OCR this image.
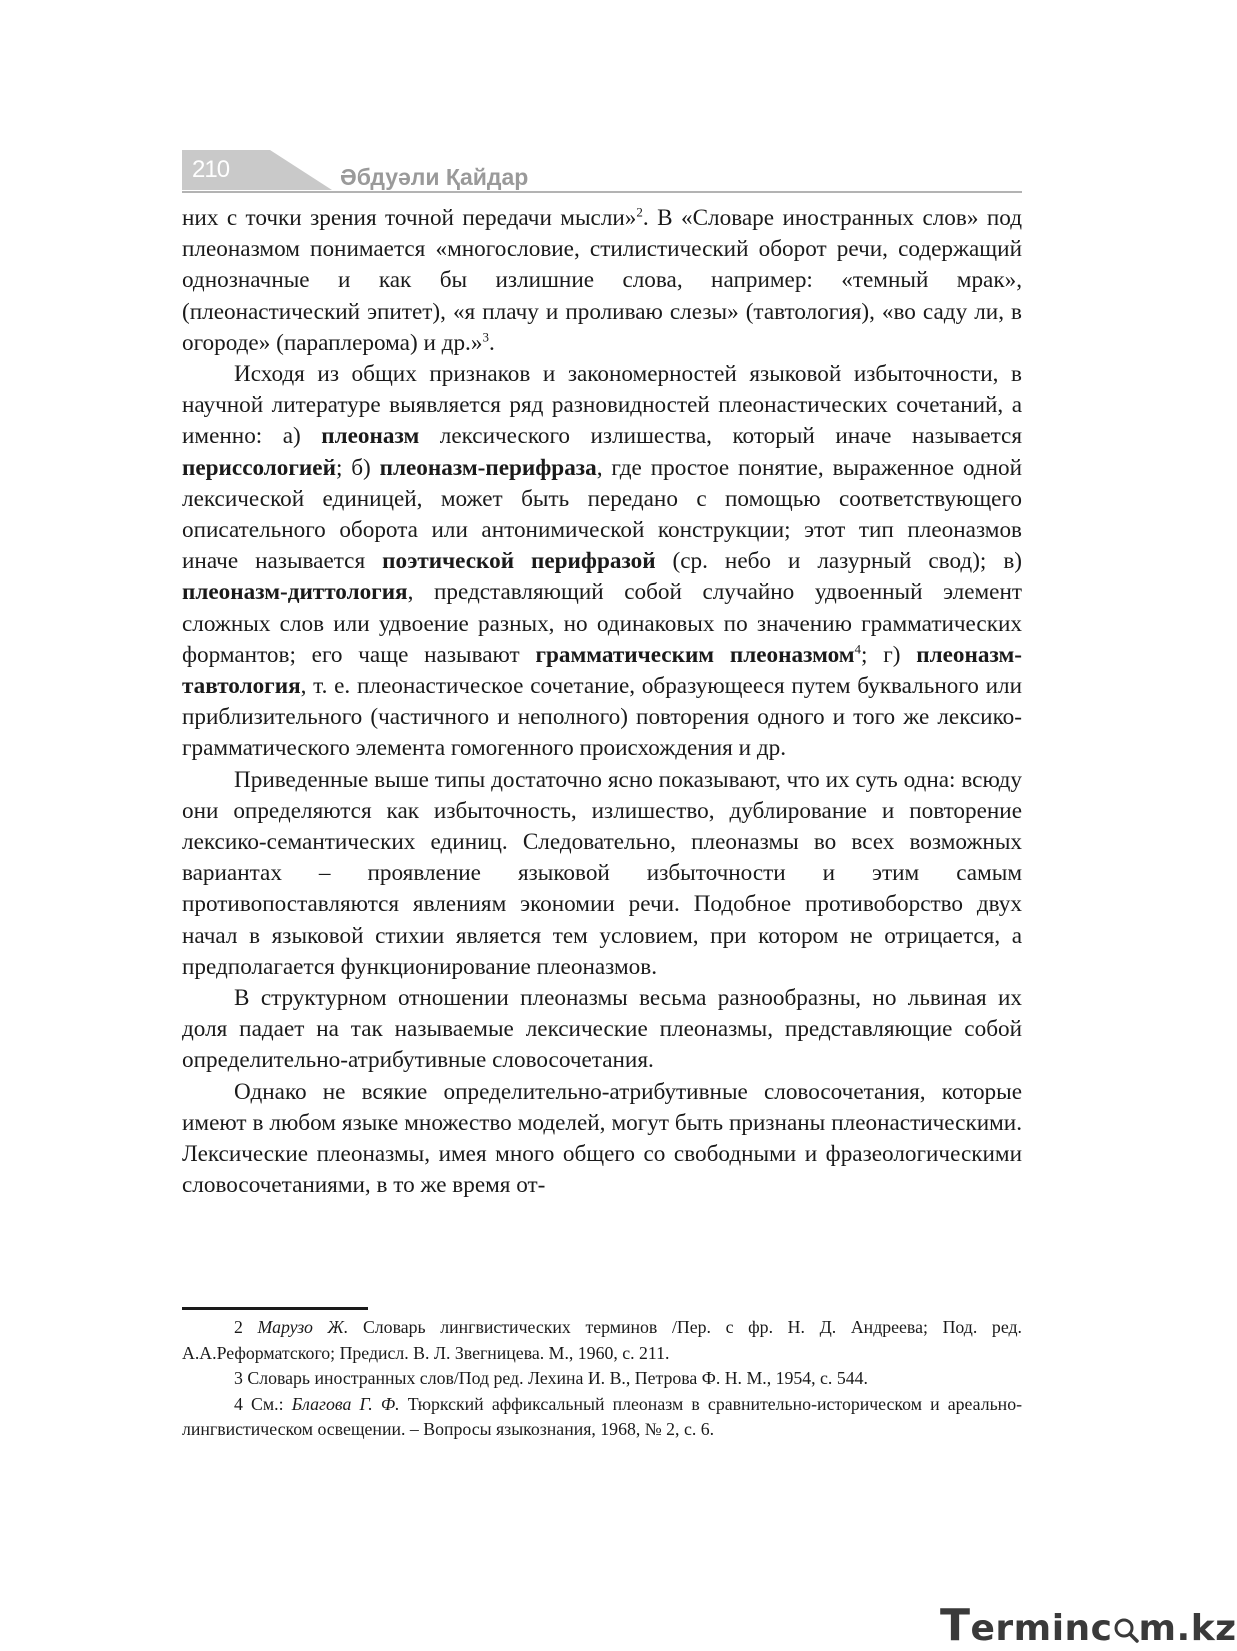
210	Әбдуәли Қайдар

них с точки зрения точной передачи мысли»$^2$. В «Словаре иностранных слов» под плеоназмом понимается «многословие, стилистический оборот речи, содержащий однозначные и как бы излишние слова, например: «темный мрак», (плеонастический эпитет), «я плачу и проливаю слезы» (тавтология), «во саду ли, в огороде» (параплерома) и др.»$^3$.

Исходя из общих признаков и закономерностей языковой избыточности, в научной литературе выявляется ряд разновидностей плеонастических сочетаний, а именно: а) плеоназм лексического излишества, который иначе называется периссологией; б) плеоназм-перифраза, где простое понятие, выраженное одной лексической единицей, может быть передано с помощью соответствующего описательного оборота или антонимической конструкции; этот тип плеоназмов иначе называется поэтической перифразой (ср. небо и лазурный свод); в) плеоназм-диттология, представляющий собой случайно удвоенный элемент сложных слов или удвоение разных, но одинаковых по значению грамматических формантов; его чаще называют грамматическим плеоназмом$^4$; г) плеоназм-тавтология, т. е. плеонастическое сочетание, образующееся путем буквального или приблизительного (частичного и неполного) повторения одного и того же лексико-грамматического элемента гомогенного происхождения и др.

Приведенные выше типы достаточно ясно показывают, что их суть одна: всюду они определяются как избыточность, излишество, дублирование и повторение лексико-семантических единиц. Следовательно, плеоназмы во всех возможных вариантах – проявление языковой избыточности и этим самым противопоставляются явлениям экономии речи. Подобное противоборство двух начал в языковой стихии является тем условием, при котором не отрицается, а предполагается функционирование плеоназмов.

В структурном отношении плеоназмы весьма разнообразны, но львиная их доля падает на так называемые лексические плеоназмы, представляющие собой определительно-атрибутивные словосочетания.

Однако не всякие определительно-атрибутивные словосочетания, которые имеют в любом языке множество моделей, могут быть признаны плеонастическими. Лексические плеоназмы, имея много общего со свободными и фразеологическими словосочетаниями, в то же время от-

2 Марузо Ж. Словарь лингвистических терминов /Пер. с фр. Н. Д. Андреева; Под. ред. А.А.Реформатского; Предисл. В. Л. Звегницева. М., 1960, с. 211.

3 Словарь иностранных слов/Под ред. Лехина И. В., Петрова Ф. Н. М., 1954, с. 544.

4 См.: Благова Г. Ф. Тюркский аффиксальный плеоназм в сравнительно-историческом и ареально-лингвистическом освещении. – Вопросы языкознания, 1968, № 2, с. 6.

Terminc m.kz
